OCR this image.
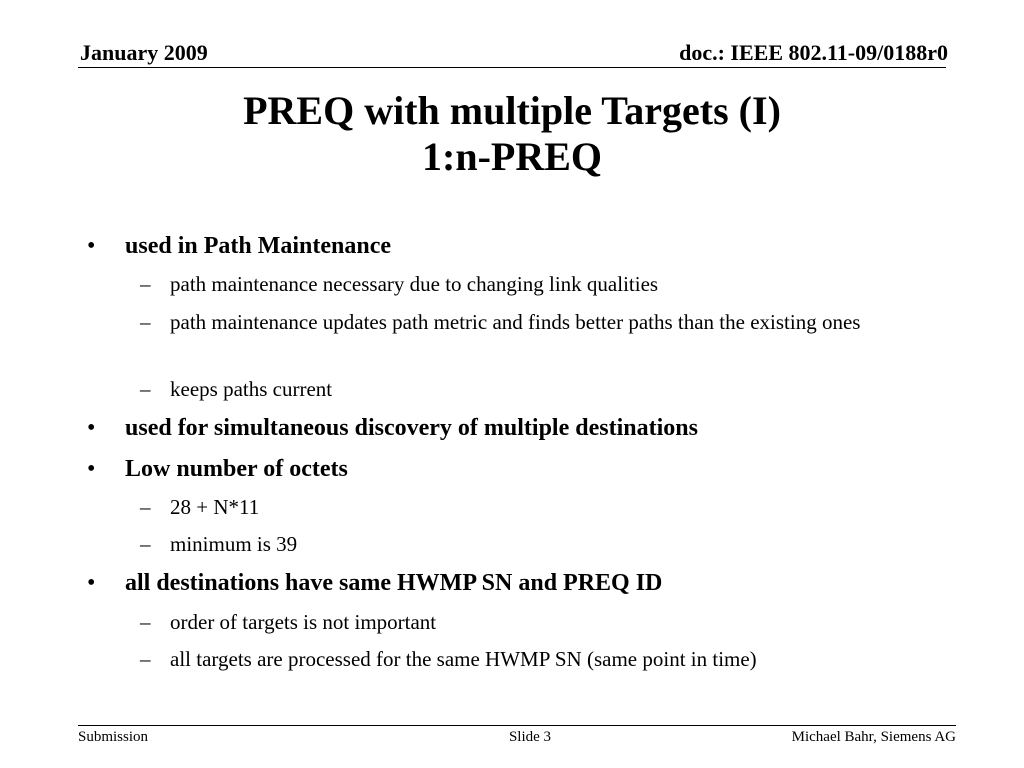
January 2009	doc.: IEEE 802.11-09/0188r0
PREQ with multiple Targets (I)
1:n-PREQ
• used in Path Maintenance
– path maintenance necessary due to changing link qualities
– path maintenance updates path metric and finds better paths than the existing ones
– keeps paths current
• used for simultaneous discovery of multiple destinations
• Low number of octets
– 28 + N*11
– minimum is 39
• all destinations have same HWMP SN and PREQ ID
– order of targets is not important
– all targets are processed for the same HWMP SN (same point in time)
Submission	Slide 3	Michael Bahr, Siemens AG
